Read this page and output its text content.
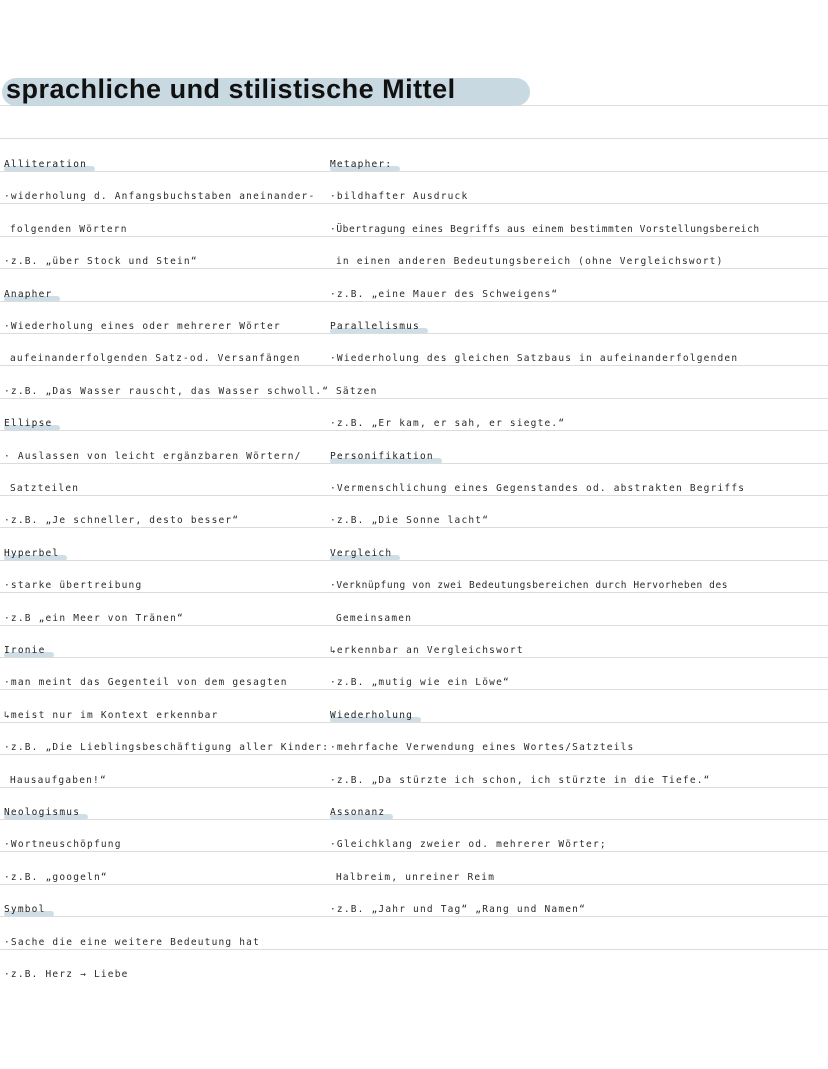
sprachliche und stilistische Mittel
Alliteration
·widerholung d. Anfangsbuchstaben aneinander-
folgenden Wörtern
·z.B. „über Stock und Stein“
Anapher
·Wiederholung eines oder mehrerer Wörter
aufeinanderfolgenden Satz-od. Versanfängen
·z.B. „Das Wasser rauscht, das Wasser schwoll.“
Ellipse
· Auslassen von leicht ergänzbaren Wörtern/
Satzteilen
·z.B. „Je schneller, desto besser“
Hyperbel
·starke übertreibung
·z.B „ein Meer von Tränen“
Ironie
·man meint das Gegenteil von dem gesagten
↳meist nur im Kontext erkennbar
·z.B. „Die Lieblingsbeschäftigung aller Kinder:
Hausaufgaben!“
Neologismus
·Wortneuschöpfung
·z.B. „googeln“
Symbol
·Sache die eine weitere Bedeutung hat
·z.B. Herz → Liebe
Metapher:
·bildhafter Ausdruck
·Übertragung eines Begriffs aus einem bestimmten Vorstellungsbereich
in einen anderen Bedeutungsbereich (ohne Vergleichswort)
·z.B. „eine Mauer des Schweigens“
Parallelismus
·Wiederholung des gleichen Satzbaus in aufeinanderfolgenden
Sätzen
·z.B. „Er kam, er sah, er siegte.“
Personifikation
·Vermenschlichung eines Gegenstandes od. abstrakten Begriffs
·z.B. „Die Sonne lacht“
Vergleich
·Verknüpfung von zwei Bedeutungsbereichen durch Hervorheben des
Gemeinsamen
↳erkennbar an Vergleichswort
·z.B. „mutig wie ein Löwe“
Wiederholung
·mehrfache Verwendung eines Wortes/Satzteils
·z.B. „Da stürzte ich schon, ich stürzte in die Tiefe.“
Assonanz
·Gleichklang zweier od. mehrerer Wörter;
Halbreim, unreiner Reim
·z.B. „Jahr und Tag“ „Rang und Namen“
